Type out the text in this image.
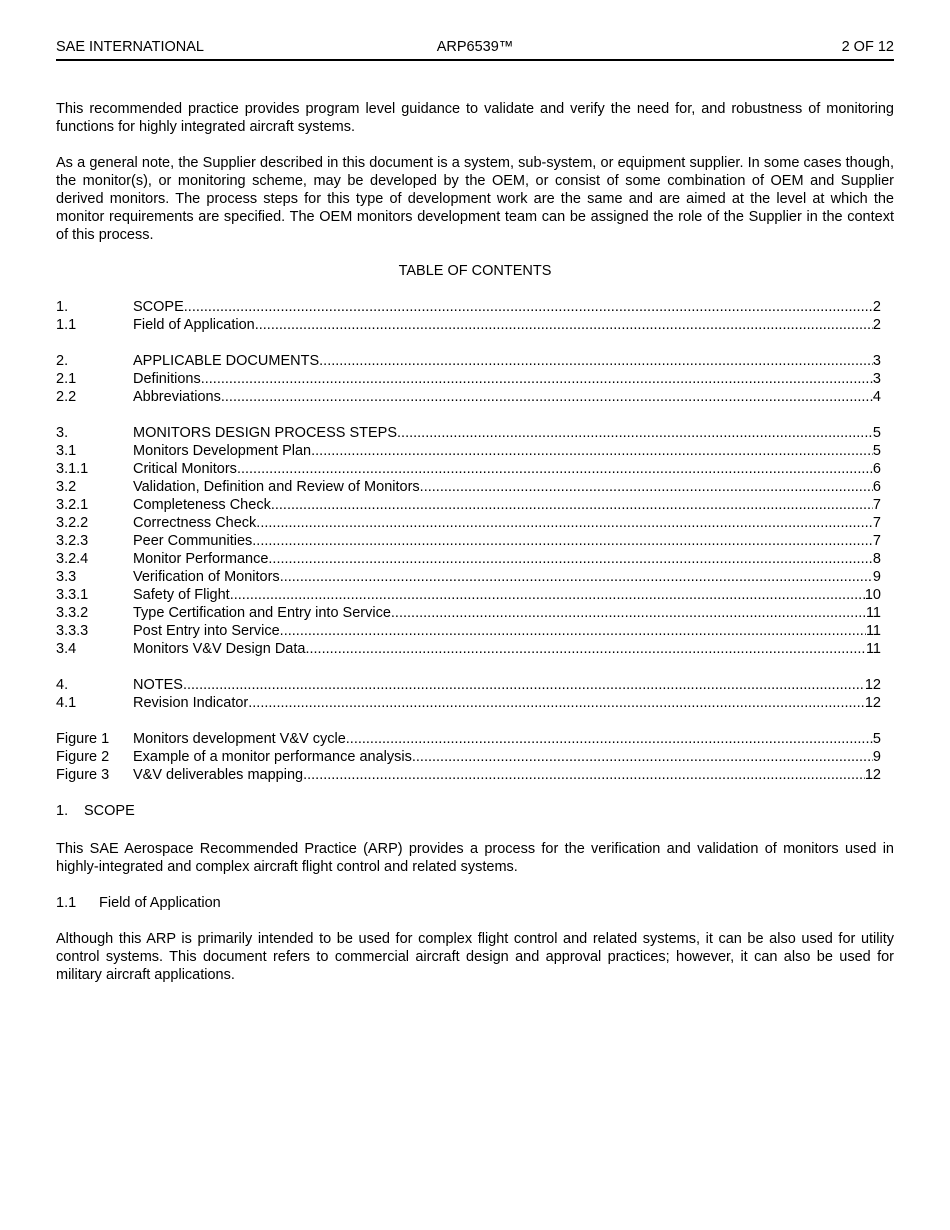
SAE INTERNATIONAL	ARP6539™	2 OF 12

This recommended practice provides program level guidance to validate and verify the need for, and robustness of monitoring functions for highly integrated aircraft systems.

As a general note, the Supplier described in this document is a system, sub-system, or equipment supplier. In some cases though, the monitor(s), or monitoring scheme, may be developed by the OEM, or consist of some combination of OEM and Supplier derived monitors. The process steps for this type of development work are the same and are aimed at the level at which the monitor requirements are specified. The OEM monitors development team can be assigned the role of the Supplier in the context of this process.

TABLE OF CONTENTS
1.	SCOPE .....	2
1.1	Field of Application .....	2
2.	APPLICABLE DOCUMENTS .....	3
2.1	Definitions .....	3
2.2	Abbreviations .....	4
3.	MONITORS DESIGN PROCESS STEPS .....	5
3.1	Monitors Development Plan .....	5
3.1.1	Critical Monitors .....	6
3.2	Validation, Definition and Review of Monitors .....	6
3.2.1	Completeness Check .....	7
3.2.2	Correctness Check .....	7
3.2.3	Peer Communities .....	7
3.2.4	Monitor Performance .....	8
3.3	Verification of Monitors .....	9
3.3.1	Safety of Flight .....	10
3.3.2	Type Certification and Entry into Service .....	11
3.3.3	Post Entry into Service .....	11
3.4	Monitors V&V Design Data .....	11
4.	NOTES .....	12
4.1	Revision Indicator .....	12
Figure 1	Monitors development V&V cycle .....	5
Figure 2	Example of a monitor performance analysis .....	9
Figure 3	V&V deliverables mapping .....	12
1. SCOPE

This SAE Aerospace Recommended Practice (ARP) provides a process for the verification and validation of monitors used in highly-integrated and complex aircraft flight control and related systems.

1.1 Field of Application

Although this ARP is primarily intended to be used for complex flight control and related systems, it can be also used for utility control systems. This document refers to commercial aircraft design and approval practices; however, it can also be used for military aircraft applications.
